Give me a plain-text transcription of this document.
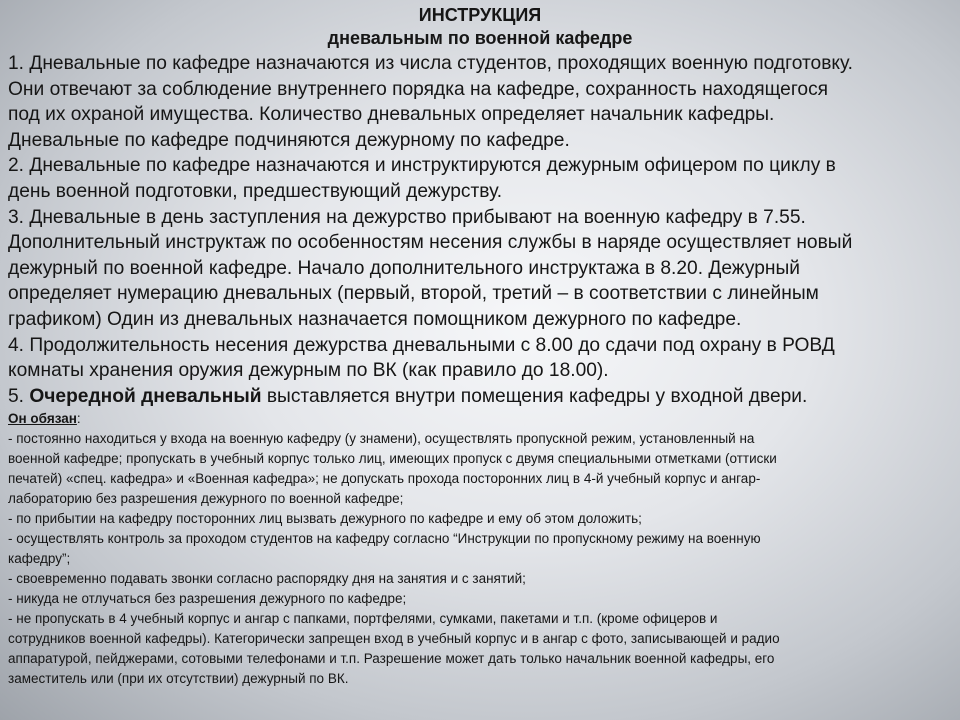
ИНСТРУКЦИЯ

дневальным по военной кафедре

1. Дневальные по кафедре назначаются из числа студентов, проходящих военную подготовку.

Они отвечают за соблюдение внутреннего порядка на кафедре, сохранность находящегося

под их охраной имущества. Количество дневальных определяет начальник кафедры.

Дневальные по кафедре подчиняются дежурному по кафедре.

2. Дневальные по кафедре назначаются и инструктируются дежурным офицером по циклу в

день военной подготовки, предшествующий дежурству.

3. Дневальные в день заступления на дежурство прибывают на военную кафедру в 7.55.

Дополнительный инструктаж по особенностям несения службы в наряде осуществляет новый

дежурный по военной кафедре. Начало дополнительного инструктажа в 8.20. Дежурный

определяет нумерацию дневальных (первый, второй, третий – в соответствии с линейным

графиком) Один из дневальных назначается помощником дежурного по кафедре.

4. Продолжительность несения дежурства дневальными с 8.00 до сдачи под охрану в РОВД

комнаты хранения оружия дежурным по ВК (как правило до 18.00).

5. Очередной дневальный выставляется внутри помещения кафедры у входной двери.

Он обязан:

- постоянно находиться у входа на военную кафедру (у знамени), осуществлять пропускной режим, установленный на

военной кафедре; пропускать в учебный корпус только лиц, имеющих пропуск с двумя специальными отметками (оттиски

печатей) «спец. кафедра» и «Военная кафедра»; не допускать прохода посторонних лиц в 4-й учебный корпус и ангар-

лабораторию без разрешения дежурного по военной кафедре;

- по прибытии на кафедру посторонних лиц вызвать дежурного по кафедре и ему об этом доложить;

- осуществлять контроль за проходом студентов на кафедру согласно “Инструкции по пропускному режиму на военную

кафедру”;

- своевременно подавать звонки согласно распорядку дня на занятия и с занятий;

- никуда не отлучаться без разрешения дежурного по кафедре;

- не пропускать в 4 учебный корпус и ангар с папками, портфелями, сумками, пакетами и т.п. (кроме офицеров и

сотрудников военной кафедры). Категорически запрещен вход в учебный корпус и в ангар с фото, записывающей и радио

аппаратурой, пейджерами, сотовыми телефонами и т.п. Разрешение может дать только начальник военной кафедры, его

заместитель или (при их отсутствии) дежурный по ВК.
